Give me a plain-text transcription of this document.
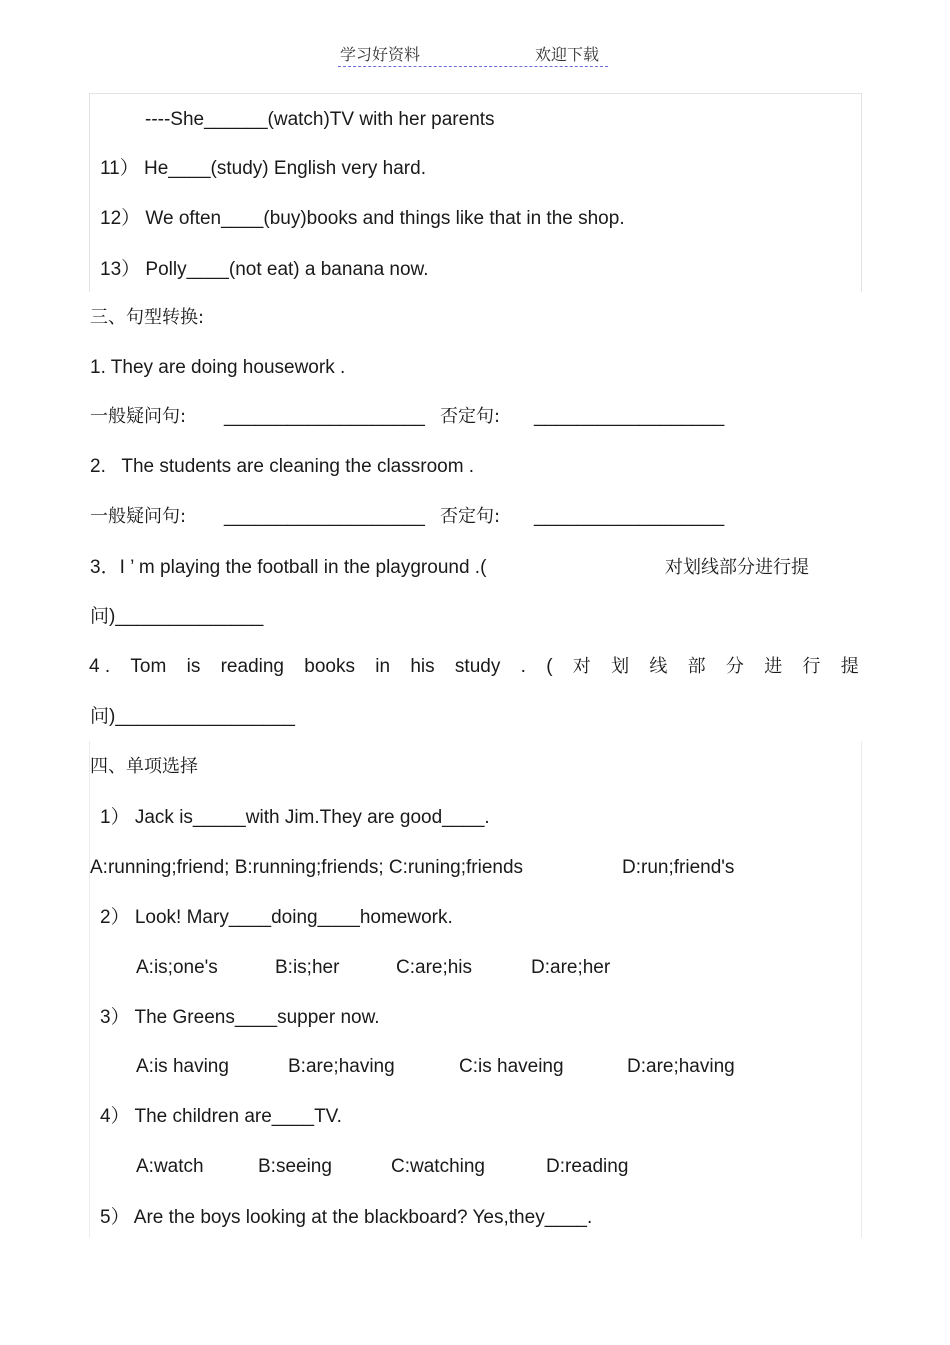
学习好资料	欢迎下载
----She______(watch)TV with her parents
11） He____(study) English very hard.
12） We often____(buy)books and things like that in the shop.
13） Polly____(not eat) a banana now.
三、句型转换:
1. They are doing housework .
一般疑问句: ___________________ 否定句: __________________
2.   The students are cleaning the classroom .
一般疑问句: ___________________ 否定句: __________________
3．I ’ m playing the football in the playground .(	对划线部分进行提
问)______________
4 . Tom is reading books in his study . ( 对 划 线 部 分 进 行 提
问)_________________
四、单项选择
1） Jack is_____with Jim.They are good____.
A:running;friend; B:running;friends; C:runing;friends	D:run;friend's
2） Look! Mary____doing____homework.
A:is;one's	B:is;her	C:are;his	D:are;her
3） The Greens____supper now.
A:is having	B:are;having	C:is haveing	D:are;having
4） The children are____TV.
A:watch	B:seeing	C:watching	D:reading
5） Are the boys looking at the blackboard? Yes,they____.
